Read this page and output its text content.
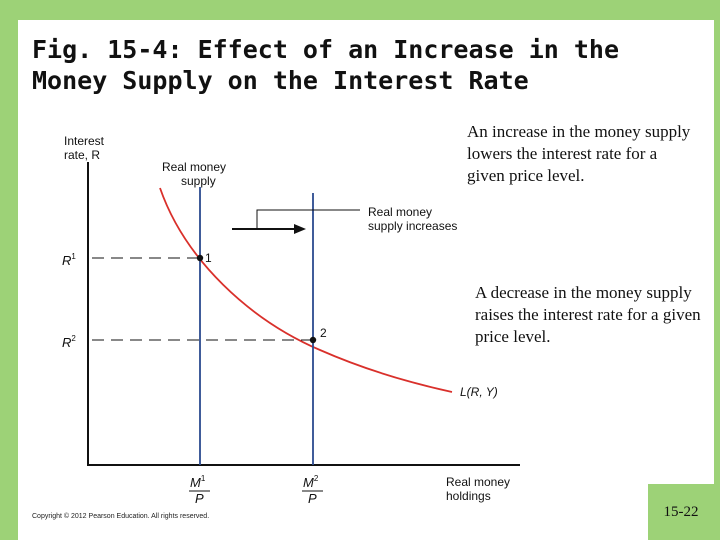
Fig. 15-4: Effect of an Increase in the
Money Supply on the Interest Rate
Interest
rate, R
Real money
holdings
L(R, Y)
Real money
supply
Real money
supply increases
$R^1$
$R^2$
1
2
$M^1$
P
$M^2$
P
An increase in the money supply lowers the interest rate for a given price level.
A decrease in the money supply raises the interest rate for a given price level.
Copyright © 2012 Pearson Education. All rights reserved.	15-22
